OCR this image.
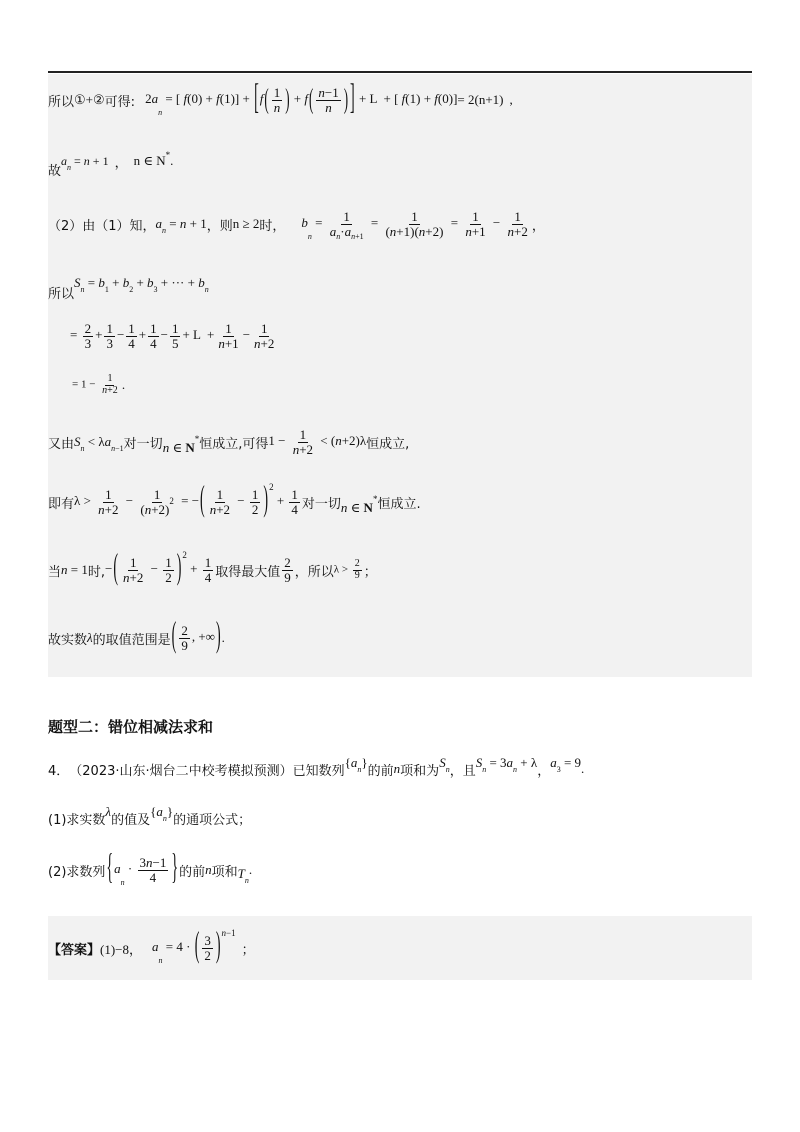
所以 ① + ② 可得: $2a_n$ = [ $f(0) + f(1)] + [f( \frac{1}{n}$ ) + $f( \frac{n-1}{n}$ ) ] + L  + [ f(1) + f(0)] = 2(n+1) ,
故
$a_n = n + 1$ ， n ∈ N * .
（2）由（1）知， $a_n = n + 1$ ，则 n ≥ 2 时， $b_n = \frac{1}{a_n\cdot a_{n+1}} = \frac{1}{(n+1)(n+2)} = \frac{1}{n+1} - \frac{1}{n+2}$ ，
所以
$S_n = b_1 + b_2 + b_3$ + ··· + $b_n$
= $\frac{2}{3} + \frac{1}{3} - \frac{1}{4} + \frac{1}{4} - \frac{1}{5} + L + \frac{1}{n+1} - \frac{1}{n+2}$
= $1 - \frac{1}{n+2}$ .
又由 $S_n < \lambda a_{n-1}$ 对一切 n ∈ N* 恒成立,可得 $1 - \frac{1}{n+2} < (n+2)\lambda$ 恒成立,
即有 $\lambda > \frac{1}{n+2} - \frac{1}{(n+2)^2}$ = −( $\frac{1}{n+2} - \frac{1}{2} )^2 + \frac{1}{4}$ 对一切 n ∈ N* 恒成立.
当 n = 1 时, −( $\frac{1}{n+2} - \frac{1}{2} )^2 + \frac{1}{4}$ 取得最大值 $\frac{2}{9}$ ，所以 $\lambda > \frac{2}{9}$ ；
故实数 λ 的取值范围是 ( $\frac{2}{9}$ , +∞) .
题型二：错位相减法求和
4． （2023·山东·烟台二中校考模拟预测） 已知数列
$\{a_n\}$
的前 n 项和为
$S_n$ ，且
$S_n = 3a_n + \lambda$
，
$a_3 = 9$ .
(1)求实数
λ
的值及
$\{a_n\}$
的通项公式；
(2)求数列 {$a_n \cdot \frac{3n-1}{4}$ } 的前 n 项和 $T_n$
.
【答案】 (1)−8， $a_n = 4$ · ( $\frac{3}{2} )^{n-1}$
；
